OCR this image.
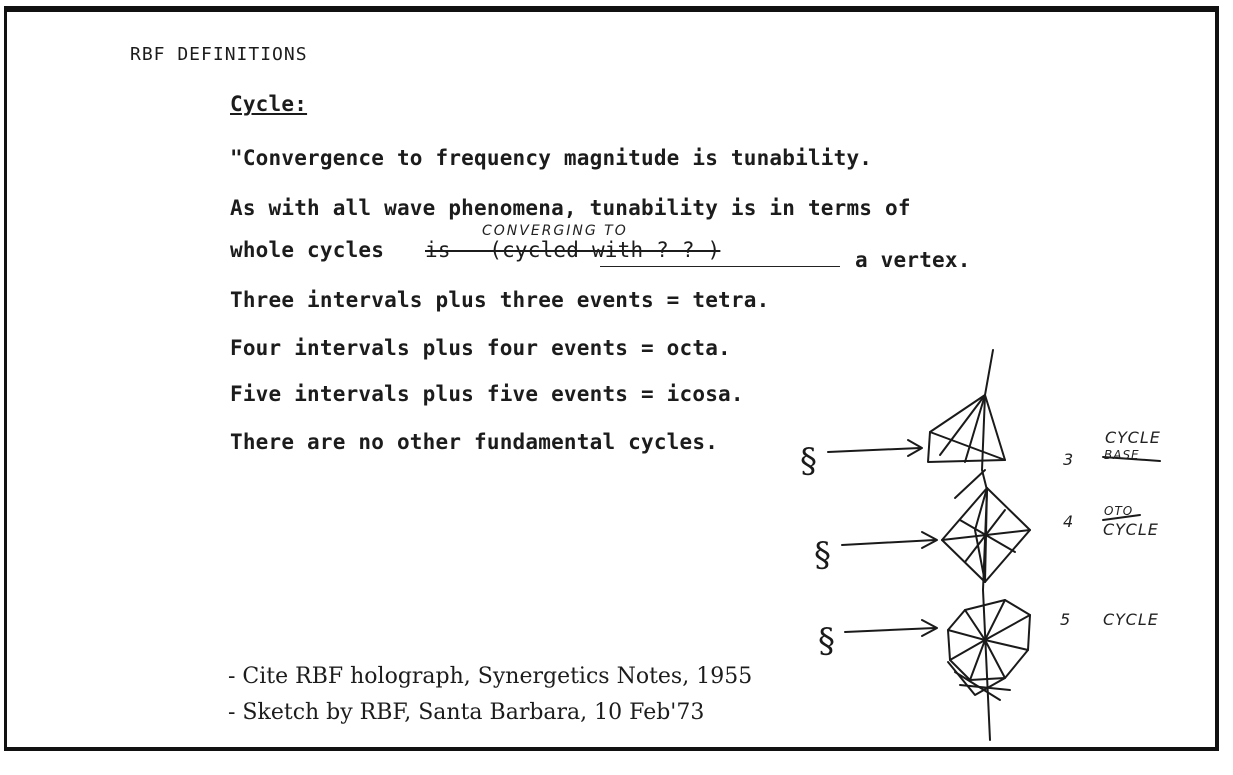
RBF DEFINITIONS
Cycle:
"Convergence to frequency magnitude is tunability.
As with all wave phenomena, tunability is in terms of
CONVERGING TO
whole cycles is — (cycled with ? ? )	a vertex.
Three intervals plus three events = tetra.
Four intervals plus four events = octa.
Five intervals plus five events = icosa.
There are no other fundamental cycles.
- Cite RBF holograph, Synergetics Notes, 1955
- Sketch by RBF, Santa Barbara, 10 Feb'73
§
§
§
3
CYCLE
BASE
4
OTO
CYCLE
5 CYCLE
